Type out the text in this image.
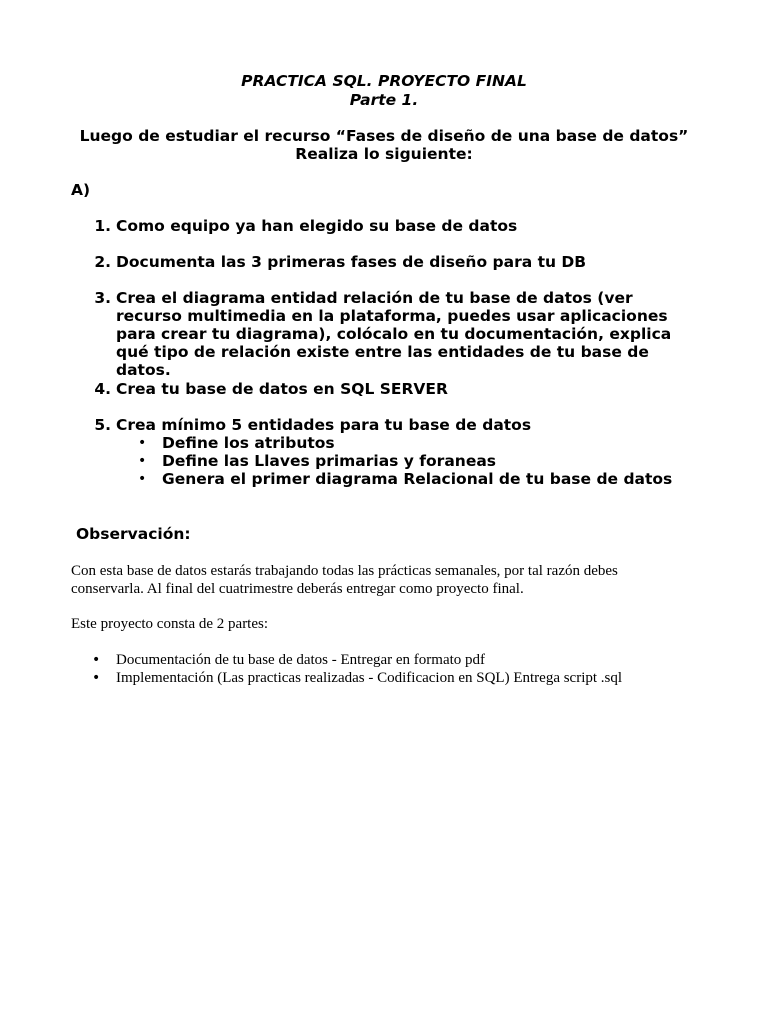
PRACTICA SQL. PROYECTO FINAL
Parte 1.
Luego de estudiar el recurso “Fases de diseño de una base de datos”
Realiza lo siguiente:
A)
1. Como equipo ya han elegido su base de datos
2. Documenta las 3 primeras fases de diseño para tu DB
3. Crea el diagrama entidad relación de tu base de datos (ver recurso multimedia en la plataforma, puedes usar aplicaciones para crear tu diagrama), colócalo en tu documentación, explica qué tipo de relación existe entre las entidades de tu base de datos.
4. Crea tu base de datos en SQL SERVER
5. Crea mínimo 5 entidades para tu base de datos
• Define los atributos
• Define las Llaves primarias y foraneas
• Genera el primer diagrama Relacional de tu base de datos
Observación:
Con esta base de datos estarás trabajando todas las prácticas semanales, por tal razón debes conservarla. Al final del cuatrimestre deberás entregar como proyecto final.
Este proyecto consta de 2 partes:
• Documentación de tu base de datos - Entregar en formato pdf
• Implementación (Las practicas realizadas - Codificacion en SQL) Entrega script .sql
